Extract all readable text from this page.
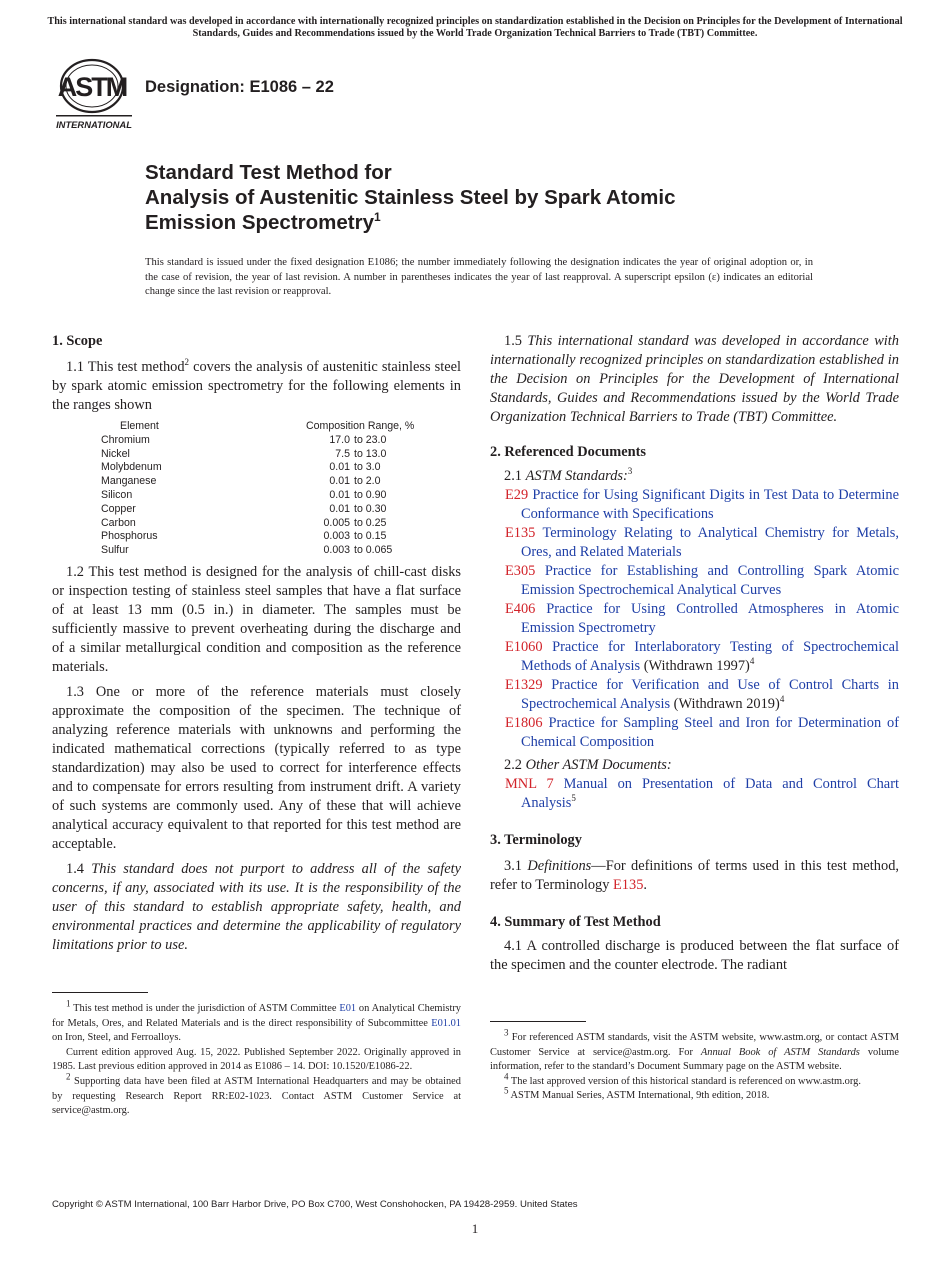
This international standard was developed in accordance with internationally recognized principles on standardization established in the Decision on Principles for the Development of International Standards, Guides and Recommendations issued by the World Trade Organization Technical Barriers to Trade (TBT) Committee.
ASTM
INTERNATIONAL
Designation: E1086 – 22
Standard Test Method for
Analysis of Austenitic Stainless Steel by Spark Atomic
Emission Spectrometry$^1$
This standard is issued under the fixed designation E1086; the number immediately following the designation indicates the year of original adoption or, in the case of revision, the year of last revision. A number in parentheses indicates the year of last reapproval. A superscript epsilon (ε) indicates an editorial change since the last revision or reapproval.
1. Scope

1.1 This test method$^2$ covers the analysis of austenitic stainless steel by spark atomic emission spectrometry for the following elements in the ranges shown

Element	Composition Range, %	
Chromium	17.0	to 23.0
Nickel	7.5	to 13.0
Molybdenum	0.01	to 3.0
Manganese	0.01	to 2.0
Silicon	0.01	to 0.90
Copper	0.01	to 0.30
Carbon	0.005	to 0.25
Phosphorus	0.003	to 0.15
Sulfur	0.003	to 0.065

1.2 This test method is designed for the analysis of chill-cast disks or inspection testing of stainless steel samples that have a flat surface of at least 13 mm (0.5 in.) in diameter. The samples must be sufficiently massive to prevent overheating during the discharge and of a similar metallurgical condition and composition as the reference materials.

1.3 One or more of the reference materials must closely approximate the composition of the specimen. The technique of analyzing reference materials with unknowns and performing the indicated mathematical corrections (typically referred to as type standardization) may also be used to correct for interference effects and to compensate for errors resulting from instrument drift. A variety of such systems are commonly used. Any of these that will achieve analytical accuracy equivalent to that reported for this test method are acceptable.

1.4 This standard does not purport to address all of the safety concerns, if any, associated with its use. It is the responsibility of the user of this standard to establish appropriate safety, health, and environmental practices and determine the applicability of regulatory limitations prior to use.

$^1$ This test method is under the jurisdiction of ASTM Committee E01 on Analytical Chemistry for Metals, Ores, and Related Materials and is the direct responsibility of Subcommittee E01.01 on Iron, Steel, and Ferroalloys.

Current edition approved Aug. 15, 2022. Published September 2022. Originally approved in 1985. Last previous edition approved in 2014 as E1086 – 14. DOI: 10.1520/E1086-22.

$^2$ Supporting data have been filed at ASTM International Headquarters and may be obtained by requesting Research Report RR:E02-1023. Contact ASTM Customer Service at service@astm.org.

1.5 This international standard was developed in accordance with internationally recognized principles on standardization established in the Decision on Principles for the Development of International Standards, Guides and Recommendations issued by the World Trade Organization Technical Barriers to Trade (TBT) Committee.

2. Referenced Documents

2.1 ASTM Standards:$^3$

E29 Practice for Using Significant Digits in Test Data to Determine Conformance with Specifications
E135 Terminology Relating to Analytical Chemistry for Metals, Ores, and Related Materials
E305 Practice for Establishing and Controlling Spark Atomic Emission Spectrochemical Analytical Curves
E406 Practice for Using Controlled Atmospheres in Atomic Emission Spectrometry
E1060 Practice for Interlaboratory Testing of Spectrochemical Methods of Analysis (Withdrawn 1997)$^4$
E1329 Practice for Verification and Use of Control Charts in Spectrochemical Analysis (Withdrawn 2019)$^4$
E1806 Practice for Sampling Steel and Iron for Determination of Chemical Composition

2.2 Other ASTM Documents:

MNL 7 Manual on Presentation of Data and Control Chart Analysis$^5$
3. Terminology

3.1 Definitions—For definitions of terms used in this test method, refer to Terminology E135.

4. Summary of Test Method

4.1 A controlled discharge is produced between the flat surface of the specimen and the counter electrode. The radiant

$^3$ For referenced ASTM standards, visit the ASTM website, www.astm.org, or contact ASTM Customer Service at service@astm.org. For Annual Book of ASTM Standards volume information, refer to the standard’s Document Summary page on the ASTM website.

$^4$ The last approved version of this historical standard is referenced on www.astm.org.

$^5$ ASTM Manual Series, ASTM International, 9th edition, 2018.

Copyright © ASTM International, 100 Barr Harbor Drive, PO Box C700, West Conshohocken, PA 19428-2959. United States
1
